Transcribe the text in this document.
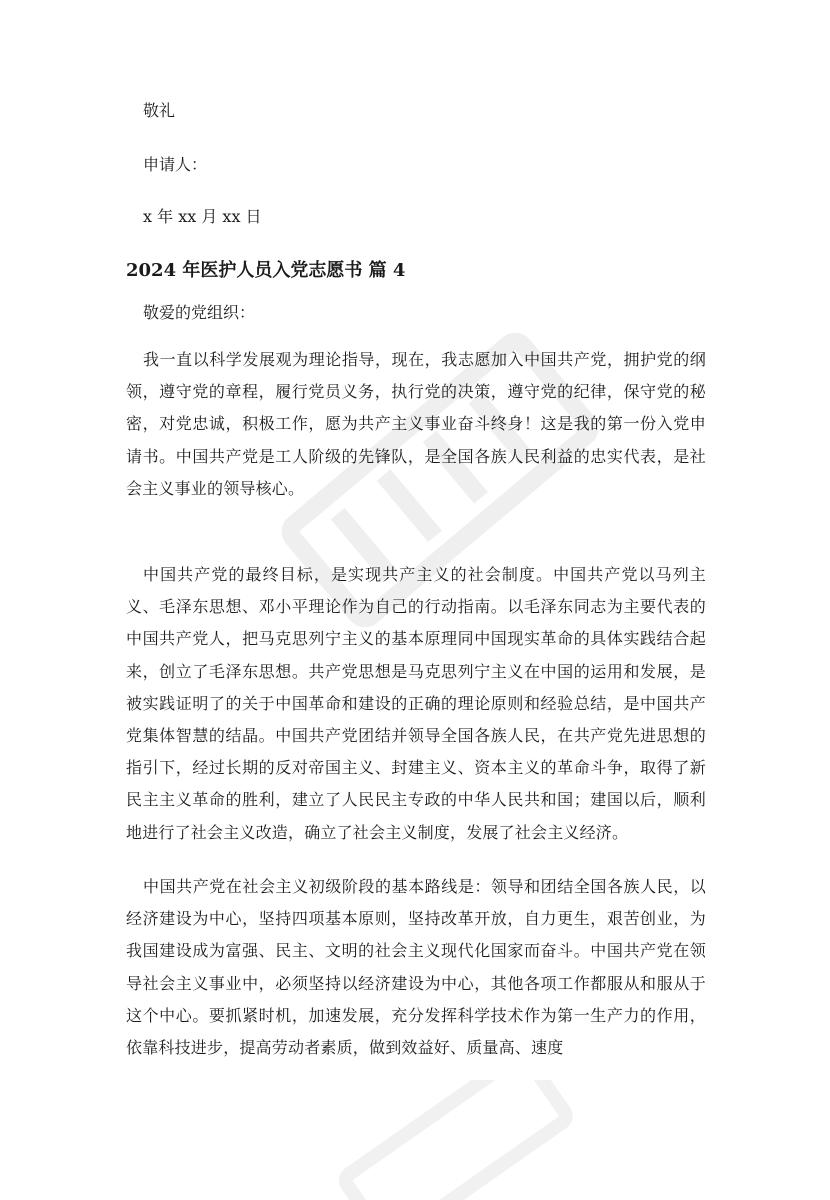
敬礼
申请人：
x 年 xx 月 xx 日
2024 年医护人员入党志愿书 篇 4
敬爱的党组织：
我一直以科学发展观为理论指导，现在，我志愿加入中国共产党，拥护党的纲领，遵守党的章程，履行党员义务，执行党的决策，遵守党的纪律，保守党的秘密，对党忠诚，积极工作，愿为共产主义事业奋斗终身！这是我的第一份入党申请书。中国共产党是工人阶级的先锋队，是全国各族人民利益的忠实代表，是社会主义事业的领导核心。
中国共产党的最终目标，是实现共产主义的社会制度。中国共产党以马列主义、毛泽东思想、邓小平理论作为自己的行动指南。以毛泽东同志为主要代表的中国共产党人，把马克思列宁主义的基本原理同中国现实革命的具体实践结合起来，创立了毛泽东思想。共产党思想是马克思列宁主义在中国的运用和发展，是被实践证明了的关于中国革命和建设的正确的理论原则和经验总结，是中国共产党集体智慧的结晶。中国共产党团结并领导全国各族人民，在共产党先进思想的指引下，经过长期的反对帝国主义、封建主义、资本主义的革命斗争，取得了新民主主义革命的胜利，建立了人民民主专政的中华人民共和国；建国以后，顺利地进行了社会主义改造，确立了社会主义制度，发展了社会主义经济。
中国共产党在社会主义初级阶段的基本路线是：领导和团结全国各族人民，以经济建设为中心，坚持四项基本原则，坚持改革开放，自力更生，艰苦创业，为我国建设成为富强、民主、文明的社会主义现代化国家而奋斗。中国共产党在领导社会主义事业中，必须坚持以经济建设为中心，其他各项工作都服从和服从于这个中心。要抓紧时机，加速发展，充分发挥科学技术作为第一生产力的作用，依靠科技进步，提高劳动者素质，做到效益好、质量高、速度
